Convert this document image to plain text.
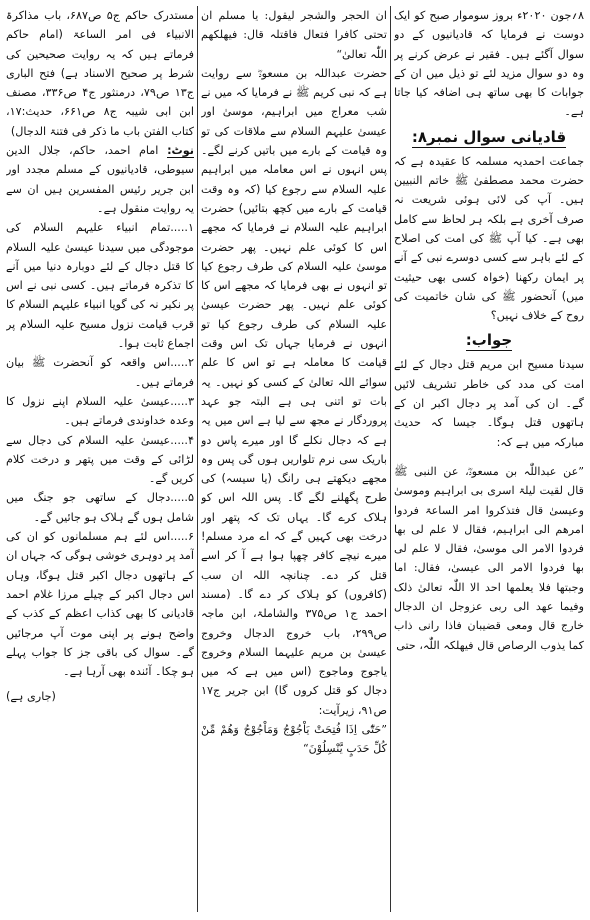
۸؍جون ۲۰۲۰ء بروز سوموار صبح کو ایک دوست نے فرمایا کہ قادیانیوں کے دو سوال آگئے ہیں۔ فقیر نے عرض کرنے پر وہ دو سوال مزید لئے تو ذیل میں ان کے جوابات کا بھی ساتھ ہی اضافہ کیا جاتا ہے۔

قادیانی سوال نمبر۸:

جماعت احمدیہ مسلمہ کا عقیدہ ہے کہ حضرت محمد مصطفیٰ ﷺ خاتم النبیین ہیں۔ آپ کی لائی ہوئی شریعت نہ صرف آخری ہے بلکہ ہر لحاظ سے کامل بھی ہے۔ کیا آپ ﷺ کی امت کی اصلاح کے لئے باہر سے کسی دوسرے نبی کے آنے پر ایمان رکھنا (خواہ کسی بھی حیثیت میں) آنحضور ﷺ کی شان خاتمیت کی روح کے خلاف نہیں؟

جواب:

سیدنا مسیح ابن مریم قتل دجال کے لئے امت کی مدد کی خاطر تشریف لائیں گے۔ ان کی آمد پر دجال اکبر ان کے ہاتھوں قتل ہوگا۔ جیسا کہ حدیث مبارکہ میں ہے کہ:

”عن عبداللّٰہ بن مسعودؓ، عن النبی ﷺ قال لقیت لیلۃ اسری بی ابراہیم وموسیٰ وعیسیٰ قال فتذکروا امر الساعۃ فردوا امرھم الی ابراہیم، فقال لا علم لی بھا فردوا الامر الی موسیٰ، فقال لا علم لی بھا فردوا الامر الی عیسیٰ، فقال: اما وجبتھا فلا یعلمھا احد الا اللّٰہ تعالیٰ ذلک وفیما عھد الی ربی عزوجل ان الدجال خارج قال ومعی قضیبان فاذا رانی ذاب کما یذوب الرصاص قال فیھلکہ اللّٰہ، حتی

ان الحجر والشجر لیقول: یا مسلم ان تحتی کافرا فتعال فاقتلہ قال: فیھلکھم اللّٰہ تعالیٰ“

حضرت عبداللہ بن مسعودؓ سے روایت ہے کہ نبی کریم ﷺ نے فرمایا کہ میں نے شب معراج میں ابراہیم، موسیٰ اور عیسیٰ علیہم السلام سے ملاقات کی تو وہ قیامت کے بارے میں باتیں کرنے لگے۔ پس انہوں نے اس معاملہ میں ابراہیم علیہ السلام سے رجوع کیا (کہ وہ وقت قیامت کے بارے میں کچھ بتائیں) حضرت ابراہیم علیہ السلام نے فرمایا کہ مجھے اس کا کوئی علم نہیں۔ پھر حضرت موسیٰ علیہ السلام کی طرف رجوع کیا تو انہوں نے بھی فرمایا کہ مجھے اس کا کوئی علم نہیں۔ پھر حضرت عیسیٰ علیہ السلام کی طرف رجوع کیا تو انہوں نے فرمایا جہاں تک اس وقت قیامت کا معاملہ ہے تو اس کا علم سوائے اللہ تعالیٰ کے کسی کو نہیں۔ یہ بات تو اتنی ہی ہے البتہ جو عہد پروردگار نے مجھ سے لیا ہے اس میں یہ ہے کہ دجال نکلے گا اور میرے پاس دو باریک سی نرم تلواریں ہوں گی پس وہ مجھے دیکھتے ہی رانگ (یا سیسہ) کی طرح پگھلنے لگے گا۔ پس اللہ اس کو ہلاک کرے گا۔ یہاں تک کہ پتھر اور درخت بھی کہیں گے کہ اے مرد مسلم! میرے نیچے کافر چھپا ہوا ہے آ کر اسے قتل کر دے۔ چنانچہ اللہ ان سب (کافروں) کو ہلاک کر دے گا۔ (مسند احمد ج۱ ص۳۷۵ والشاملۃ، ابن ماجہ ص۲۹۹، باب خروج الدجال وخروج عیسیٰ بن مریم علیہما السلام وخروج یاجوج وماجوج (اس میں ہے کہ میں دجال کو قتل کروں گا) ابن جریر ج۱۷ ص۹۱، زیرآیت:

”حَتّٰٓی اِذَا فُتِحَتْ یَاْجُوْجُ وَمَاْجُوْجُ وَھُمْ مِّنْ کُلِّ حَدَبٍ یَّنْسِلُوْنَ“

مستدرک حاکم ج۵ ص۶۸۷، باب مذاکرۃ الانبیاء فی امر الساعۃ (امام حاکم فرماتے ہیں کہ یہ روایت صحیحین کی شرط پر صحیح الاسناد ہے) فتح الباری ج۱۳ ص۷۹، درمنثور ج۴ ص۳۳۶، مصنف ابن ابی شیبہ ج۸ ص۶۶۱، حدیث:۱۷، کتاب الفتن باب ما ذکر فی فتنۃ الدجال)

نوٹ: امام احمد، حاکم، جلال الدین سیوطی، قادیانیوں کے مسلم مجدد اور ابن جریر رئیس المفسرین ہیں ان سے یہ روایت منقول ہے۔

۱.....تمام انبیاء علیہم السلام کی موجودگی میں سیدنا عیسیٰ علیہ السلام کا قتل دجال کے لئے دوبارہ دنیا میں آنے کا تذکرہ فرماتے ہیں۔ کسی نبی نے اس پر نکیر نہ کی گویا انبیاء علیہم السلام کا قرب قیامت نزول مسیح علیہ السلام پر اجماع ثابت ہوا۔

۲.....اس واقعہ کو آنحضرت ﷺ بیان فرماتے ہیں۔

۳.....عیسیٰ علیہ السلام اپنے نزول کا وعدہ خداوندی فرماتے ہیں۔

۴.....عیسیٰ علیہ السلام کی دجال سے لڑائی کے وقت میں پتھر و درخت کلام کریں گے۔

۵.....دجال کے ساتھی جو جنگ میں شامل ہوں گے ہلاک ہو جائیں گے۔

۶.....اس لئے ہم مسلمانوں کو ان کی آمد پر دوہری خوشی ہوگی کہ جہاں ان کے ہاتھوں دجال اکبر قتل ہوگا، وہاں اس دجال اکبر کے چیلے مرزا غلام احمد قادیانی کا بھی کذاب اعظم کے کذب کے واضح ہونے پر اپنی موت آپ مرجائیں گے۔ سوال کی باقی جز کا جواب پہلے ہو چکا۔ آئندہ بھی آرہا ہے۔

(جاری ہے)
